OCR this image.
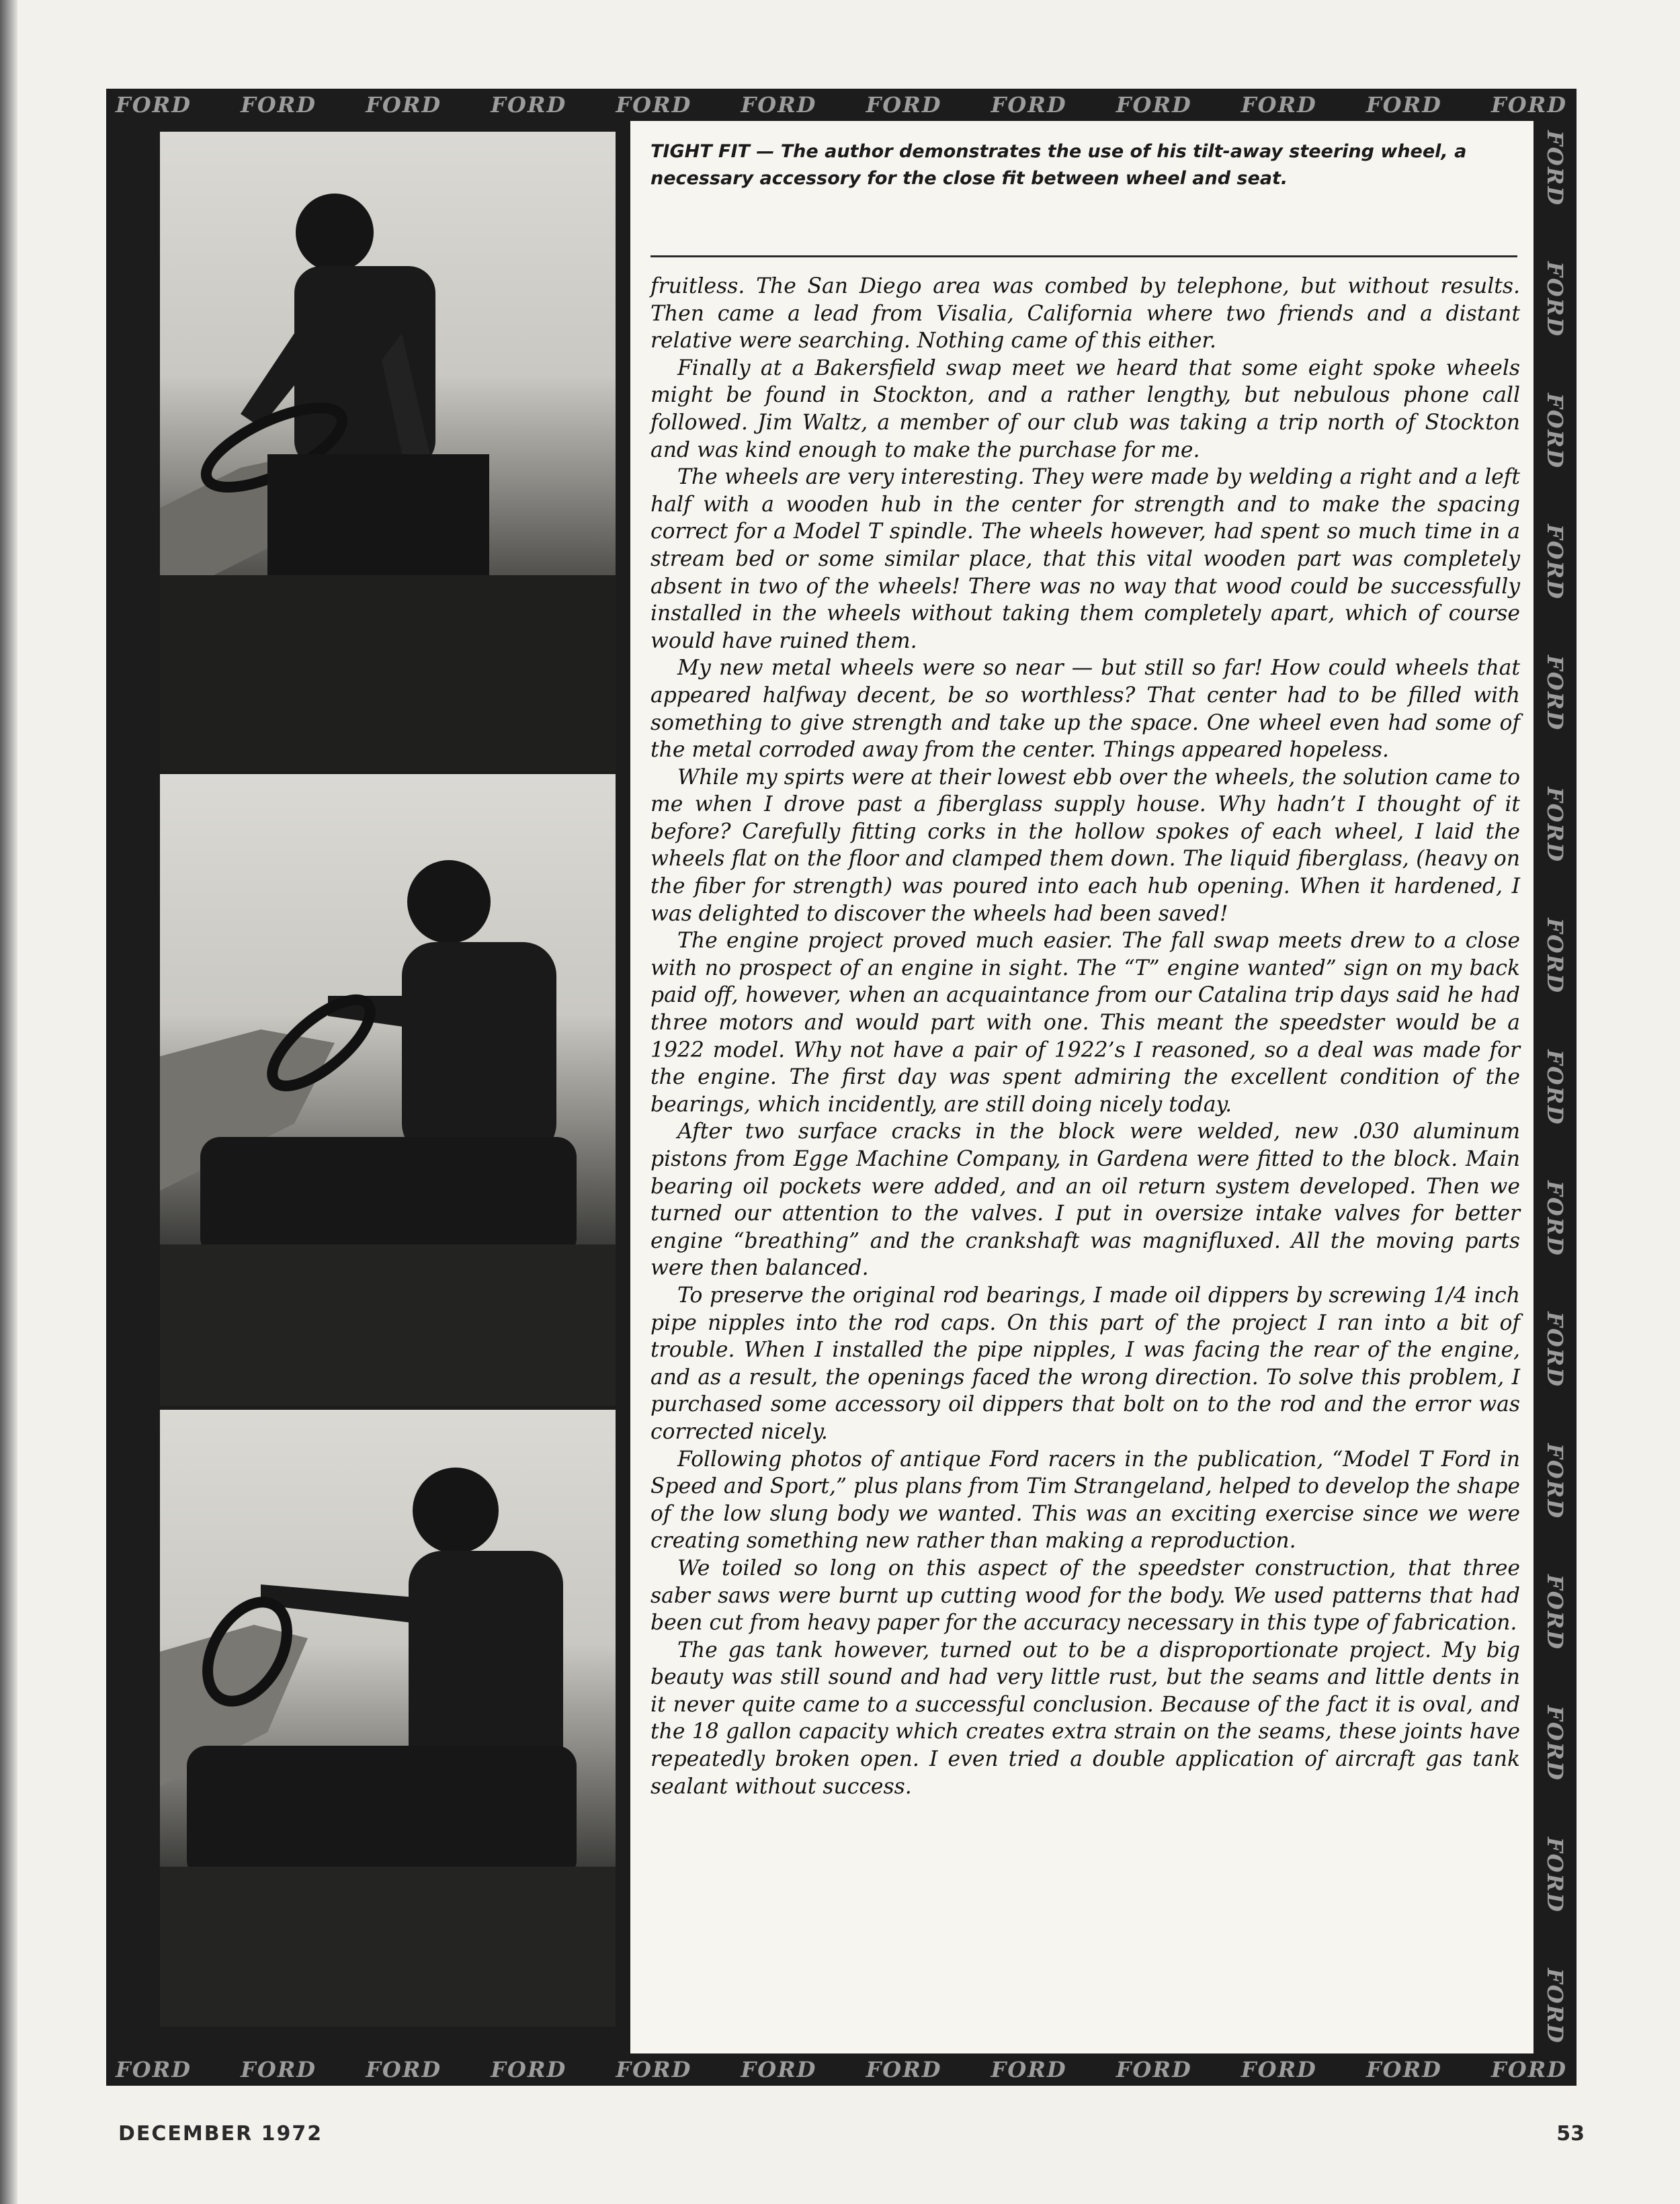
FORD FORD FORD FORD FORD FORD FORD FORD FORD FORD FORD FORD
FORD FORD FORD FORD FORD FORD FORD FORD FORD FORD FORD FORD
FORD
FORD
FORD
FORD
FORD
FORD
FORD
FORD
FORD
FORD
FORD
FORD
FORD
FORD
FORD
TIGHT FIT — The author demonstrates the use of his tilt-away steering wheel, a necessary accessory for the close fit between wheel and seat.

fruitless. The San Diego area was combed by telephone, but without results. Then came a lead from Visalia, California where two friends and a distant relative were searching. Nothing came of this either.

Finally at a Bakersfield swap meet we heard that some eight spoke wheels might be found in Stockton, and a rather lengthy, but nebulous phone call followed. Jim Waltz, a member of our club was taking a trip north of Stockton and was kind enough to make the purchase for me.

The wheels are very interesting. They were made by welding a right and a left half with a wooden hub in the center for strength and to make the spacing correct for a Model T spindle. The wheels however, had spent so much time in a stream bed or some similar place, that this vital wooden part was completely absent in two of the wheels! There was no way that wood could be successfully installed in the wheels without taking them completely apart, which of course would have ruined them.

My new metal wheels were so near — but still so far! How could wheels that appeared halfway decent, be so worthless? That center had to be filled with something to give strength and take up the space. One wheel even had some of the metal corroded away from the center. Things appeared hopeless.

While my spirts were at their lowest ebb over the wheels, the solution came to me when I drove past a fiberglass supply house. Why hadn’t I thought of it before? Carefully fitting corks in the hollow spokes of each wheel, I laid the wheels flat on the floor and clamped them down. The liquid fiberglass, (heavy on the fiber for strength) was poured into each hub opening. When it hardened, I was delighted to discover the wheels had been saved!

The engine project proved much easier. The fall swap meets drew to a close with no prospect of an engine in sight. The “T” engine wanted” sign on my back paid off, however, when an acquaintance from our Catalina trip days said he had three motors and would part with one. This meant the speedster would be a 1922 model. Why not have a pair of 1922’s I reasoned, so a deal was made for the engine. The first day was spent admiring the excellent condition of the bearings, which incidently, are still doing nicely today.

After two surface cracks in the block were welded, new .030 aluminum pistons from Egge Machine Company, in Gardena were fitted to the block. Main bearing oil pockets were added, and an oil return system developed. Then we turned our attention to the valves. I put in oversize intake valves for better engine “breathing” and the crankshaft was magnifluxed. All the moving parts were then balanced.

To preserve the original rod bearings, I made oil dippers by screwing 1/4 inch pipe nipples into the rod caps. On this part of the project I ran into a bit of trouble. When I installed the pipe nipples, I was facing the rear of the engine, and as a result, the openings faced the wrong direction. To solve this problem, I purchased some accessory oil dippers that bolt on to the rod and the error was corrected nicely.

Following photos of antique Ford racers in the publication, “Model T Ford in Speed and Sport,” plus plans from Tim Strangeland, helped to develop the shape of the low slung body we wanted. This was an exciting exercise since we were creating something new rather than making a reproduction.

We toiled so long on this aspect of the speedster construction, that three saber saws were burnt up cutting wood for the body. We used patterns that had been cut from heavy paper for the accuracy necessary in this type of fabrication.

The gas tank however, turned out to be a disproportionate project. My big beauty was still sound and had very little rust, but the seams and little dents in it never quite came to a successful conclusion. Because of the fact it is oval, and the 18 gallon capacity which creates extra strain on the seams, these joints have repeatedly broken open. I even tried a double application of aircraft gas tank sealant without success.

DECEMBER 1972	53
